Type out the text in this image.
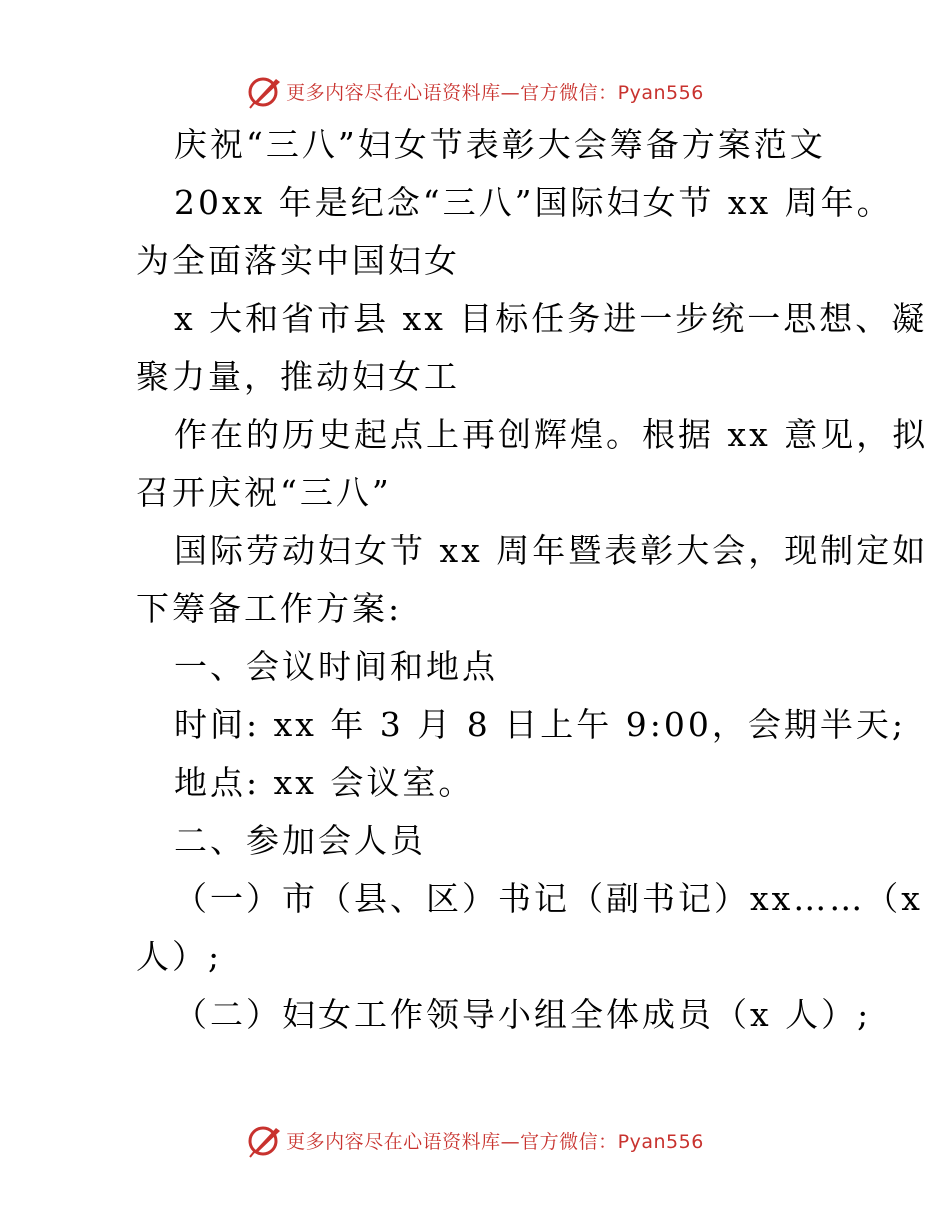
更多内容尽在心语资料库—官方微信：Pyan556
庆祝“三八”妇女节表彰大会筹备方案范文
20xx 年是纪念“三八”国际妇女节 xx 周年。
为全面落实中国妇女
x 大和省市县 xx 目标任务进一步统一思想、凝
聚力量，推动妇女工
作在的历史起点上再创辉煌。根据 xx 意见，拟
召开庆祝“三八”
国际劳动妇女节 xx 周年暨表彰大会，现制定如
下筹备工作方案:
一、会议时间和地点
时间: xx 年 3 月 8 日上午 9:00，会期半天;
地点: xx 会议室。
二、参加会人员
（一）市（县、区）书记（副书记）xx……（x
人）;
（二）妇女工作领导小组全体成员（x 人）;
更多内容尽在心语资料库—官方微信：Pyan556
